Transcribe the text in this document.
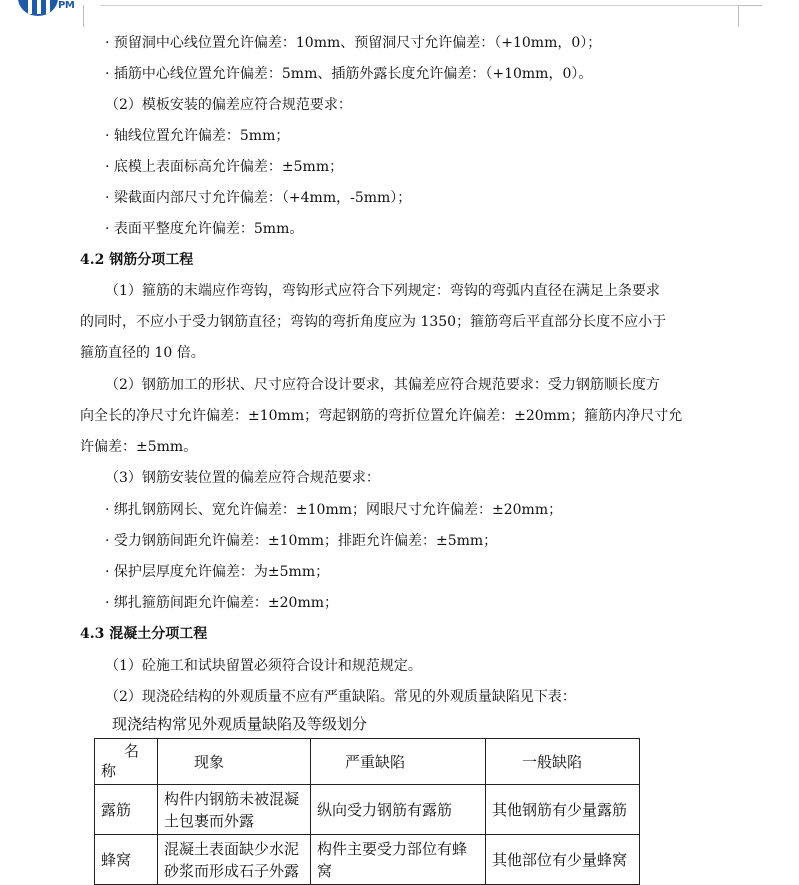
PM
· 预留洞中心线位置允许偏差：10mm、预留洞尺寸允许偏差：（+10mm，0）；
· 插筋中心线位置允许偏差：5mm、插筋外露长度允许偏差：（+10mm，0）。
（2）模板安装的偏差应符合规范要求：
· 轴线位置允许偏差：5mm；
· 底模上表面标高允许偏差：±5mm；
· 梁截面内部尺寸允许偏差：（+4mm，-5mm）；
· 表面平整度允许偏差：5mm。
4.2 钢筋分项工程
（1）箍筋的末端应作弯钩，弯钩形式应符合下列规定：弯钩的弯弧内直径在满足上条要求
的同时，不应小于受力钢筋直径；弯钩的弯折角度应为 1350；箍筋弯后平直部分长度不应小于
箍筋直径的 10 倍。
（2）钢筋加工的形状、尺寸应符合设计要求，其偏差应符合规范要求：受力钢筋顺长度方
向全长的净尺寸允许偏差：±10mm；弯起钢筋的弯折位置允许偏差：±20mm；箍筋内净尺寸允
许偏差：±5mm。
（3）钢筋安装位置的偏差应符合规范要求：
· 绑扎钢筋网长、宽允许偏差：±10mm；网眼尺寸允许偏差：±20mm；
· 受力钢筋间距允许偏差：±10mm；排距允许偏差：±5mm；
· 保护层厚度允许偏差：为±5mm；
· 绑扎箍筋间距允许偏差：±20mm；
4.3 混凝土分项工程
（1）砼施工和试块留置必须符合设计和规范规定。
（2）现浇砼结构的外观质量不应有严重缺陷。常见的外观质量缺陷见下表：
现浇结构常见外观质量缺陷及等级划分
名
称	现象	严重缺陷	一般缺陷
露筋	构件内钢筋未被混凝土包裹而外露	纵向受力钢筋有露筋	其他钢筋有少量露筋
蜂窝	混凝土表面缺少水泥砂浆而形成石子外露	构件主要受力部位有蜂窝	其他部位有少量蜂窝
